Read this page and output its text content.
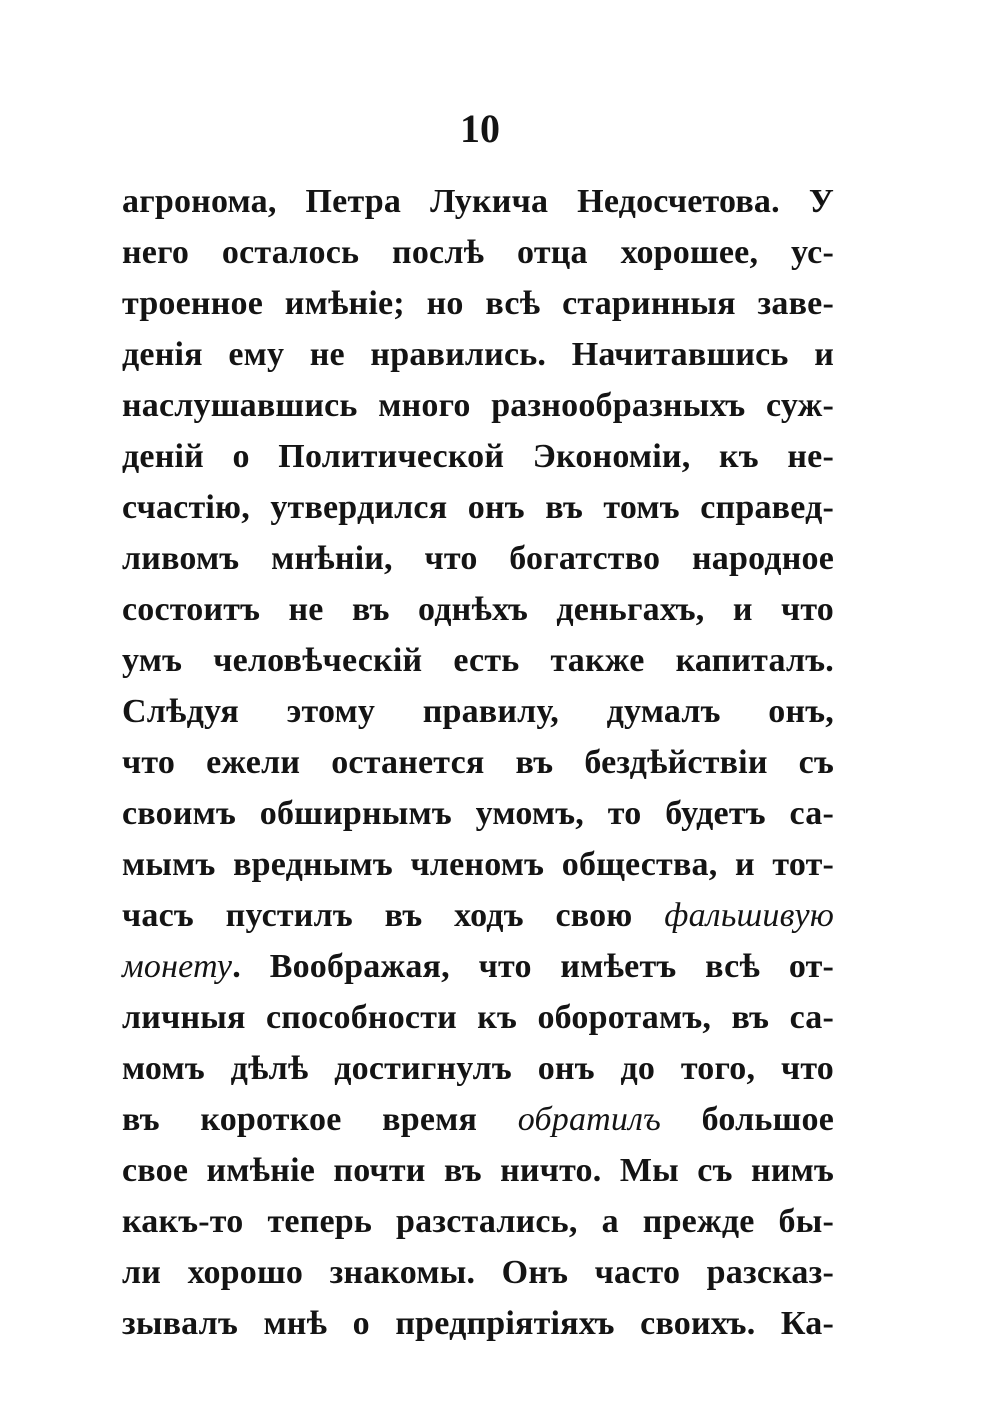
10
агронома, Петра Лукича Недосчетова. У
него осталось послѣ отца хорошее, ус-
троенное имѣніе; но всѣ старинныя заве-
денія ему не нравились. Начитавшись и
наслушавшись много разнообразныхъ суж-
деній о Политической Экономіи, къ не-
счастію, утвердился онъ въ томъ справед-
ливомъ мнѣніи, что богатство народное
состоитъ не въ однѣхъ деньгахъ, и что
умъ человѣческій есть также капиталъ.
Слѣдуя этому правилу, думалъ онъ,
что ежели останется въ бездѣйствіи съ
своимъ обширнымъ умомъ, то будетъ са-
мымъ вреднымъ членомъ общества, и тот-
часъ пустилъ въ ходъ свою фальшивую
монету. Воображая, что имѣетъ всѣ от-
личныя способности къ оборотамъ, въ са-
момъ дѣлѣ достигнулъ онъ до того, что
въ короткое время обратилъ большое
свое имѣніе почти въ ничто. Мы съ нимъ
какъ-то теперь разстались, а прежде бы-
ли хорошо знакомы. Онъ часто разсказ-
зывалъ мнѣ о предпріятіяхъ своихъ. Ка-
